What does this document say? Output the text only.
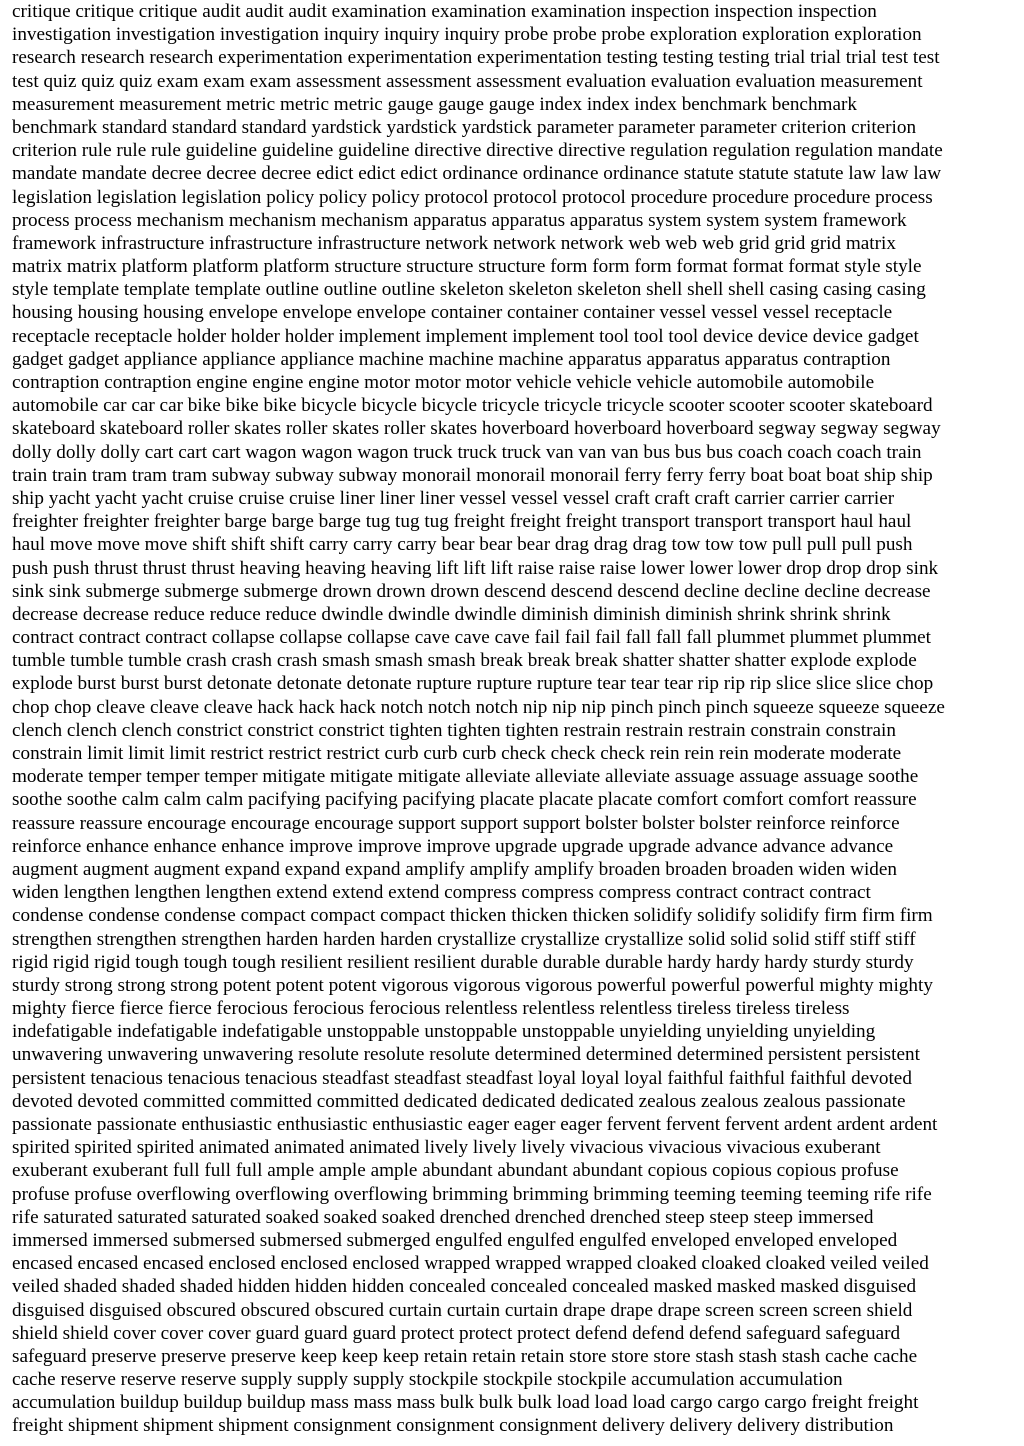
critique critique critique audit audit audit examination examination examination inspection inspection inspection
investigation investigation investigation inquiry inquiry inquiry probe probe probe exploration exploration exploration
research research research experimentation experimentation experimentation testing testing testing trial trial trial test test
test quiz quiz quiz exam exam exam assessment assessment assessment evaluation evaluation evaluation measurement
measurement measurement metric metric metric gauge gauge gauge index index index benchmark benchmark
benchmark standard standard standard yardstick yardstick yardstick parameter parameter parameter criterion criterion
criterion rule rule rule guideline guideline guideline directive directive directive regulation regulation regulation mandate
mandate mandate decree decree decree edict edict edict ordinance ordinance ordinance statute statute statute law law law
legislation legislation legislation policy policy policy protocol protocol protocol procedure procedure procedure process
process process mechanism mechanism mechanism apparatus apparatus apparatus system system system framework
framework infrastructure infrastructure infrastructure network network network web web web grid grid grid matrix
matrix matrix platform platform platform structure structure structure form form form format format format style style
style template template template outline outline outline skeleton skeleton skeleton shell shell shell casing casing casing
housing housing housing envelope envelope envelope container container container vessel vessel vessel receptacle
receptacle receptacle holder holder holder implement implement implement tool tool tool device device device gadget
gadget gadget appliance appliance appliance machine machine machine apparatus apparatus apparatus contraption
contraption contraption engine engine engine motor motor motor vehicle vehicle vehicle automobile automobile
automobile car car car bike bike bike bicycle bicycle bicycle tricycle tricycle tricycle scooter scooter scooter skateboard
skateboard skateboard roller skates roller skates roller skates hoverboard hoverboard hoverboard segway segway segway
dolly dolly dolly cart cart cart wagon wagon wagon truck truck truck van van van bus bus bus coach coach coach train
train train tram tram tram subway subway subway monorail monorail monorail ferry ferry ferry boat boat boat ship ship
ship yacht yacht yacht cruise cruise cruise liner liner liner vessel vessel vessel craft craft craft carrier carrier carrier
freighter freighter freighter barge barge barge tug tug tug freight freight freight transport transport transport haul haul
haul move move move shift shift shift carry carry carry bear bear bear drag drag drag tow tow tow pull pull pull push
push push thrust thrust thrust heaving heaving heaving lift lift lift raise raise raise lower lower lower drop drop drop sink
sink sink submerge submerge submerge drown drown drown descend descend descend decline decline decline decrease
decrease decrease reduce reduce reduce dwindle dwindle dwindle diminish diminish diminish shrink shrink shrink
contract contract contract collapse collapse collapse cave cave cave fail fail fail fall fall fall plummet plummet plummet
tumble tumble tumble crash crash crash smash smash smash break break break shatter shatter shatter explode explode
explode burst burst burst detonate detonate detonate rupture rupture rupture tear tear tear rip rip rip slice slice slice chop
chop chop cleave cleave cleave hack hack hack notch notch notch nip nip nip pinch pinch pinch squeeze squeeze squeeze
clench clench clench constrict constrict constrict tighten tighten tighten restrain restrain restrain constrain constrain
constrain limit limit limit restrict restrict restrict curb curb curb check check check rein rein rein moderate moderate
moderate temper temper temper mitigate mitigate mitigate alleviate alleviate alleviate assuage assuage assuage soothe
soothe soothe calm calm calm pacifying pacifying pacifying placate placate placate comfort comfort comfort reassure
reassure reassure encourage encourage encourage support support support bolster bolster bolster reinforce reinforce
reinforce enhance enhance enhance improve improve improve upgrade upgrade upgrade advance advance advance
augment augment augment expand expand expand amplify amplify amplify broaden broaden broaden widen widen
widen lengthen lengthen lengthen extend extend extend compress compress compress contract contract contract
condense condense condense compact compact compact thicken thicken thicken solidify solidify solidify firm firm firm
strengthen strengthen strengthen harden harden harden crystallize crystallize crystallize solid solid solid stiff stiff stiff
rigid rigid rigid tough tough tough resilient resilient resilient durable durable durable hardy hardy hardy sturdy sturdy
sturdy strong strong strong potent potent potent vigorous vigorous vigorous powerful powerful powerful mighty mighty
mighty fierce fierce fierce ferocious ferocious ferocious relentless relentless relentless tireless tireless tireless
indefatigable indefatigable indefatigable unstoppable unstoppable unstoppable unyielding unyielding unyielding
unwavering unwavering unwavering resolute resolute resolute determined determined determined persistent persistent
persistent tenacious tenacious tenacious steadfast steadfast steadfast loyal loyal loyal faithful faithful faithful devoted
devoted devoted committed committed committed dedicated dedicated dedicated zealous zealous zealous passionate
passionate passionate enthusiastic enthusiastic enthusiastic eager eager eager fervent fervent fervent ardent ardent ardent
spirited spirited spirited animated animated animated lively lively lively vivacious vivacious vivacious exuberant
exuberant exuberant full full full ample ample ample abundant abundant abundant copious copious copious profuse
profuse profuse overflowing overflowing overflowing brimming brimming brimming teeming teeming teeming rife rife
rife saturated saturated saturated soaked soaked soaked drenched drenched drenched steep steep steep immersed
immersed immersed submersed submersed submerged engulfed engulfed engulfed enveloped enveloped enveloped
encased encased encased enclosed enclosed enclosed wrapped wrapped wrapped cloaked cloaked cloaked veiled veiled
veiled shaded shaded shaded hidden hidden hidden concealed concealed concealed masked masked masked disguised
disguised disguised obscured obscured obscured curtain curtain curtain drape drape drape screen screen screen shield
shield shield cover cover cover guard guard guard protect protect protect defend defend defend safeguard safeguard
safeguard preserve preserve preserve keep keep keep retain retain retain store store store stash stash stash cache cache
cache reserve reserve reserve supply supply supply stockpile stockpile stockpile accumulation accumulation
accumulation buildup buildup buildup mass mass mass bulk bulk bulk load load load cargo cargo cargo freight freight
freight shipment shipment shipment consignment consignment consignment delivery delivery delivery distribution
